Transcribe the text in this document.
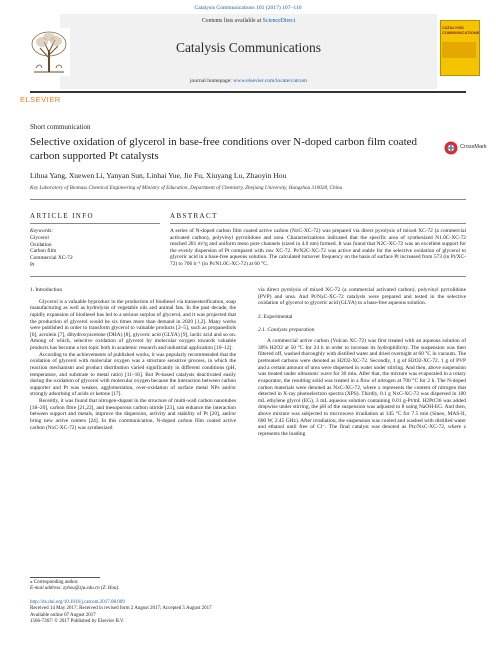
Catalysis Communications 101 (2017) 107–110
Contents lists available at ScienceDirect
Catalysis Communications
journal homepage: www.elsevier.com/locate/catcom
ELSEVIER
CATALYSIS COMMUNICATIONS
Short communication
Selective oxidation of glycerol in base-free conditions over N-doped carbon film coated carbon supported Pt catalysts
CrossMark
Lihua Yang, Xuewen Li, Yanyan Sun, Linhai Yue, Jie Fu, Xiuyang Lu, Zhaoyin Hou
Key Laboratory of Biomass Chemical Engineering of Ministry of Education, Department of Chemistry, Zhejiang University, Hangzhou 310028, China
ARTICLE INFO	ABSTRACT
Keywords:
Glycerol
Oxidation
Carbon film
Commercial XC-72
Pt
A series of N-doped carbon film coated active carbon (NxC-XC-72) was prepared via direct pyrolysis of mixed XC-72 (a commercial activated carbon), polyvinyl pyrrolidone and urea. Characterizations indicated that the specific area of synthesized N1.0C-XC-72 reached 281 m²/g and uniform meso pore channels (sized in 4.0 nm) formed. It was found that N2C-XC-72 was an excellent support for the evenly dispersion of Pt compared with raw XC-72. Pt/N2C-XC-72 was active and stable for the selective oxidation of glycerol to glyceric acid in a base-free aqueous solution. The calculated turnover frequency on the basis of surface Pt increased from 573 (in Pt/XC-72) to 706 h⁻¹ (in Pt/N1.0C-XC-72) at 60 °C.

1. Introduction

Glycerol is a valuable byproduct in the production of biodiesel via transesterification, soap manufacturing as well as hydrolysis of vegetable oils and animal fats. In the past decade, the rapidly expansion of biodiesel has led to a serious surplus of glycerol, and it was projected that the production of glycerol would be six times more than demand in 2020 [1,2]. Many works were published in order to transform glycerol to valuable products [2–5], such as propanediols [6], acrolein [7], dihydroxyacetone (DHA) [8], glyceric acid (GLYA) [9], lactic acid and so on. Among of which, selective oxidation of glycerol by molecular oxygen towards valuable products has become a hot topic both in academic research and industrial application [10–12].

According to the achievements of published works, it was popularly recommended that the oxidation of glycerol with molecular oxygen was a structure sensitive process, in which the reaction mechanism and product distribution varied significantly in different conditions (pH, temperature, and substrate to metal ratio) [11–16]. But Pt-based catalysts deactivated easily during the oxidation of glycerol with molecular oxygen because the interaction between carbon supporter and Pt was weaker, agglomeration, over-oxidation of surface metal NPs and/or strongly adsorbing of acids or ketone [17].

Recently, it was found that nitrogen-dopant in the structure of multi-wall carbon nanotubes [18–20], carbon fibre [21,22], and mesoporous carbon nitride [23], can enhance the interaction between support and metals, improve the dispersion, activity and stability of Pt [20], and/or bring new active centers [24]. In this communication, N-doped carbon film coated active carbon (NxC-XC-72) was synthesized

via direct pyrolysis of mixed XC-72 (a commercial activated carbon), polyvinyl pyrrolidone (PVP) and urea. And Pt/NxC-XC-72 catalysts were prepared and tested in the selective oxidation of glycerol to glyceric acid (GLYA) in a base-free aqueous solution.

2. Experimental

2.1. Catalysts preparation

A commercial active carbon (Vulcan XC-72) was first treated with an aqueous solution of 30% H2O2 at 50 °C for 24 h in order to increase its hydrophilicity. The suspension was then filtered off, washed thoroughly with distilled water and dried overnight at 60 °C in vacuum. The pretreated carbons were denoted as H2O2-XC-72. Secondly, 1 g of H2O2-XC-72, 1 g of PVP and a certain amount of urea were dispersed in water under stirring. And then, above suspension was treated under ultrasonic wave for 30 min. After that, the mixture was evaporated in a rotary evaporator, the resulting solid was treated in a flow of nitrogen at 700 °C for 2 h. The N-doped carbon materials were denoted as NxC-XC-72, where x represents the content of nitrogen that detected in X-ray photoelectron spectra (XPS). Thirdly, 0.1 g NxC-XC-72 was dispersed in 100 mL ethylene glycol (EG), 3 mL aqueous solution containing 0.01 g-Pt/mL H2PtCl6 was added dropwise under stirring, the pH of the suspension was adjusted to 8 using NaOH-EG. And then, above mixture was subjected to microwave irradiation at 145 °C for 7.5 min (Sineo, MAS-II, 600 W, 2.45 GHz). After irradiation, the suspension was cooled and washed with distilled water and ethanol until free of Cl⁻. The final catalyst was denoted as Ptz/NxC-XC-72, where z represents the loading

⁎ Corresponding author.
E-mail address: zyhou@zju.edu.cn (Z. Hou).
http://dx.doi.org/10.1016/j.catcom.2017.08.009
Received 14 May 2017; Received in revised form 2 August 2017; Accepted 5 August 2017
Available online 07 August 2017
1566-7367/ © 2017 Published by Elsevier B.V.
